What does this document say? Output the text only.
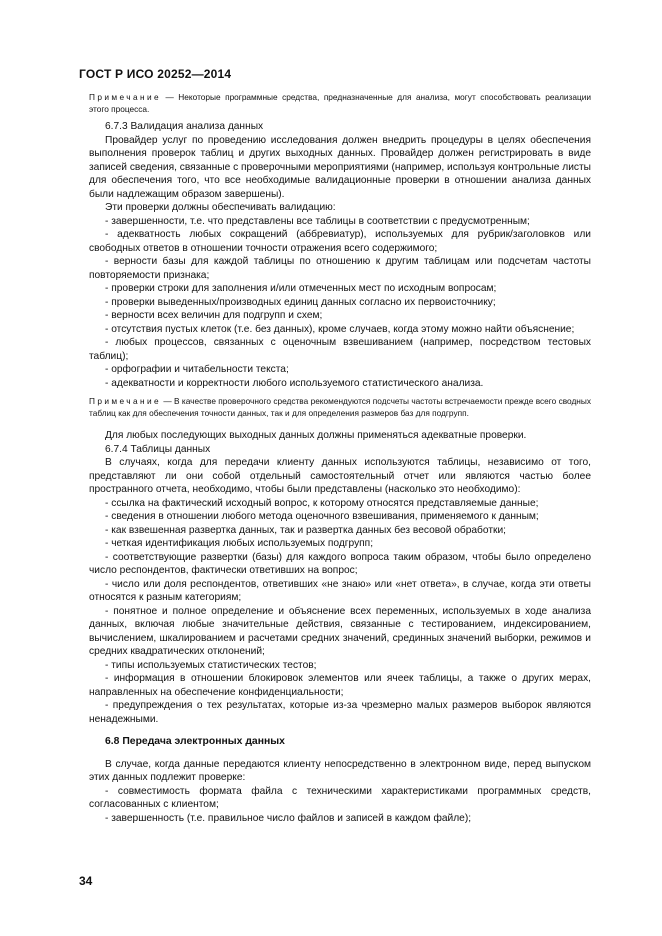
ГОСТ Р ИСО 20252—2014

Примечание — Некоторые программные средства, предназначенные для анализа, могут способствовать реализации этого процесса.

6.7.3 Валидация анализа данных

Провайдер услуг по проведению исследования должен внедрить процедуры в целях обеспечения выполнения проверок таблиц и других выходных данных. Провайдер должен регистрировать в виде записей сведения, связанные с проверочными мероприятиями (например, используя контрольные листы для обеспечения того, что все необходимые валидационные проверки в отношении анализа данных были надлежащим образом завершены).

Эти проверки должны обеспечивать валидацию:

- завершенности, т.е. что представлены все таблицы в соответствии с предусмотренным;

- адекватность любых сокращений (аббревиатур), используемых для рубрик/заголовков или свободных ответов в отношении точности отражения всего содержимого;

- верности базы для каждой таблицы по отношению к другим таблицам или подсчетам частоты повторяемости признака;

- проверки строки для заполнения и/или отмеченных мест по исходным вопросам;

- проверки выведенных/производных единиц данных согласно их первоисточнику;

- верности всех величин для подгрупп и схем;

- отсутствия пустых клеток (т.е. без данных), кроме случаев, когда этому можно найти объяснение;

- любых процессов, связанных с оценочным взвешиванием (например, посредством тестовых таблиц);

- орфографии и читабельности текста;

- адекватности и корректности любого используемого статистического анализа.

Примечание — В качестве проверочного средства рекомендуются подсчеты частоты встречаемости прежде всего сводных таблиц как для обеспечения точности данных, так и для определения размеров баз для подгрупп.

Для любых последующих выходных данных должны применяться адекватные проверки.

6.7.4 Таблицы данных

В случаях, когда для передачи клиенту данных используются таблицы, независимо от того, представляют ли они собой отдельный самостоятельный отчет или являются частью более пространного отчета, необходимо, чтобы были представлены (насколько это необходимо):

- ссылка на фактический исходный вопрос, к которому относятся представляемые данные;

- сведения в отношении любого метода оценочного взвешивания, применяемого к данным;

- как взвешенная развертка данных, так и развертка данных без весовой обработки;

- четкая идентификация любых используемых подгрупп;

- соответствующие развертки (базы) для каждого вопроса таким образом, чтобы было определено число респондентов, фактически ответивших на вопрос;

- число или доля респондентов, ответивших «не знаю» или «нет ответа», в случае, когда эти ответы относятся к разным категориям;

- понятное и полное определение и объяснение всех переменных, используемых в ходе анализа данных, включая любые значительные действия, связанные с тестированием, индексированием, вычислением, шкалированием и расчетами средних значений, срединных значений выборки, режимов и средних квадратических отклонений;

- типы используемых статистических тестов;

- информация в отношении блокировок элементов или ячеек таблицы, а также о других мерах, направленных на обеспечение конфиденциальности;

- предупреждения о тех результатах, которые из-за чрезмерно малых размеров выборок являются ненадежными.

6.8 Передача электронных данных

В случае, когда данные передаются клиенту непосредственно в электронном виде, перед выпуском этих данных подлежит проверке:

- совместимость формата файла с техническими характеристиками программных средств, согласованных с клиентом;

- завершенность (т.е. правильное число файлов и записей в каждом файле);

34
